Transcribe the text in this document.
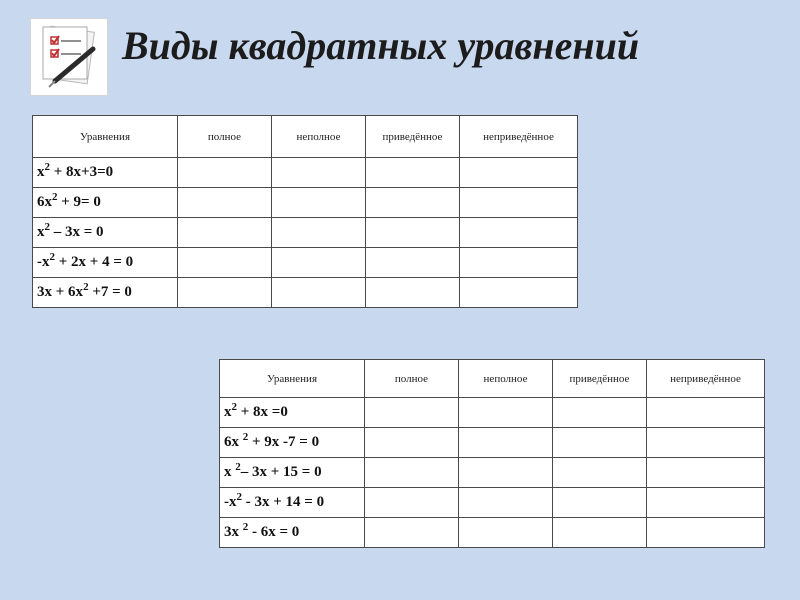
Виды квадратных уравнений
Уравнения	полное	неполное	приведённое	неприведённое
$x^2 + 8x+3=0$				
$6x^2 + 9= 0$				
$x^2 - 3x = 0$				
$-x^2 + 2x + 4 = 0$				
$3x + 6x^2 +7 = 0$				
Уравнения	полное	неполное	приведённое	неприведённое
$x^2 + 8x =0$				
6x $^2$ + 9x -7 = 0				
x $^2$– 3x + 15 = 0				
$-x^2 - 3x + 14 = 0$				
3x $^2$ - 6x = 0				
